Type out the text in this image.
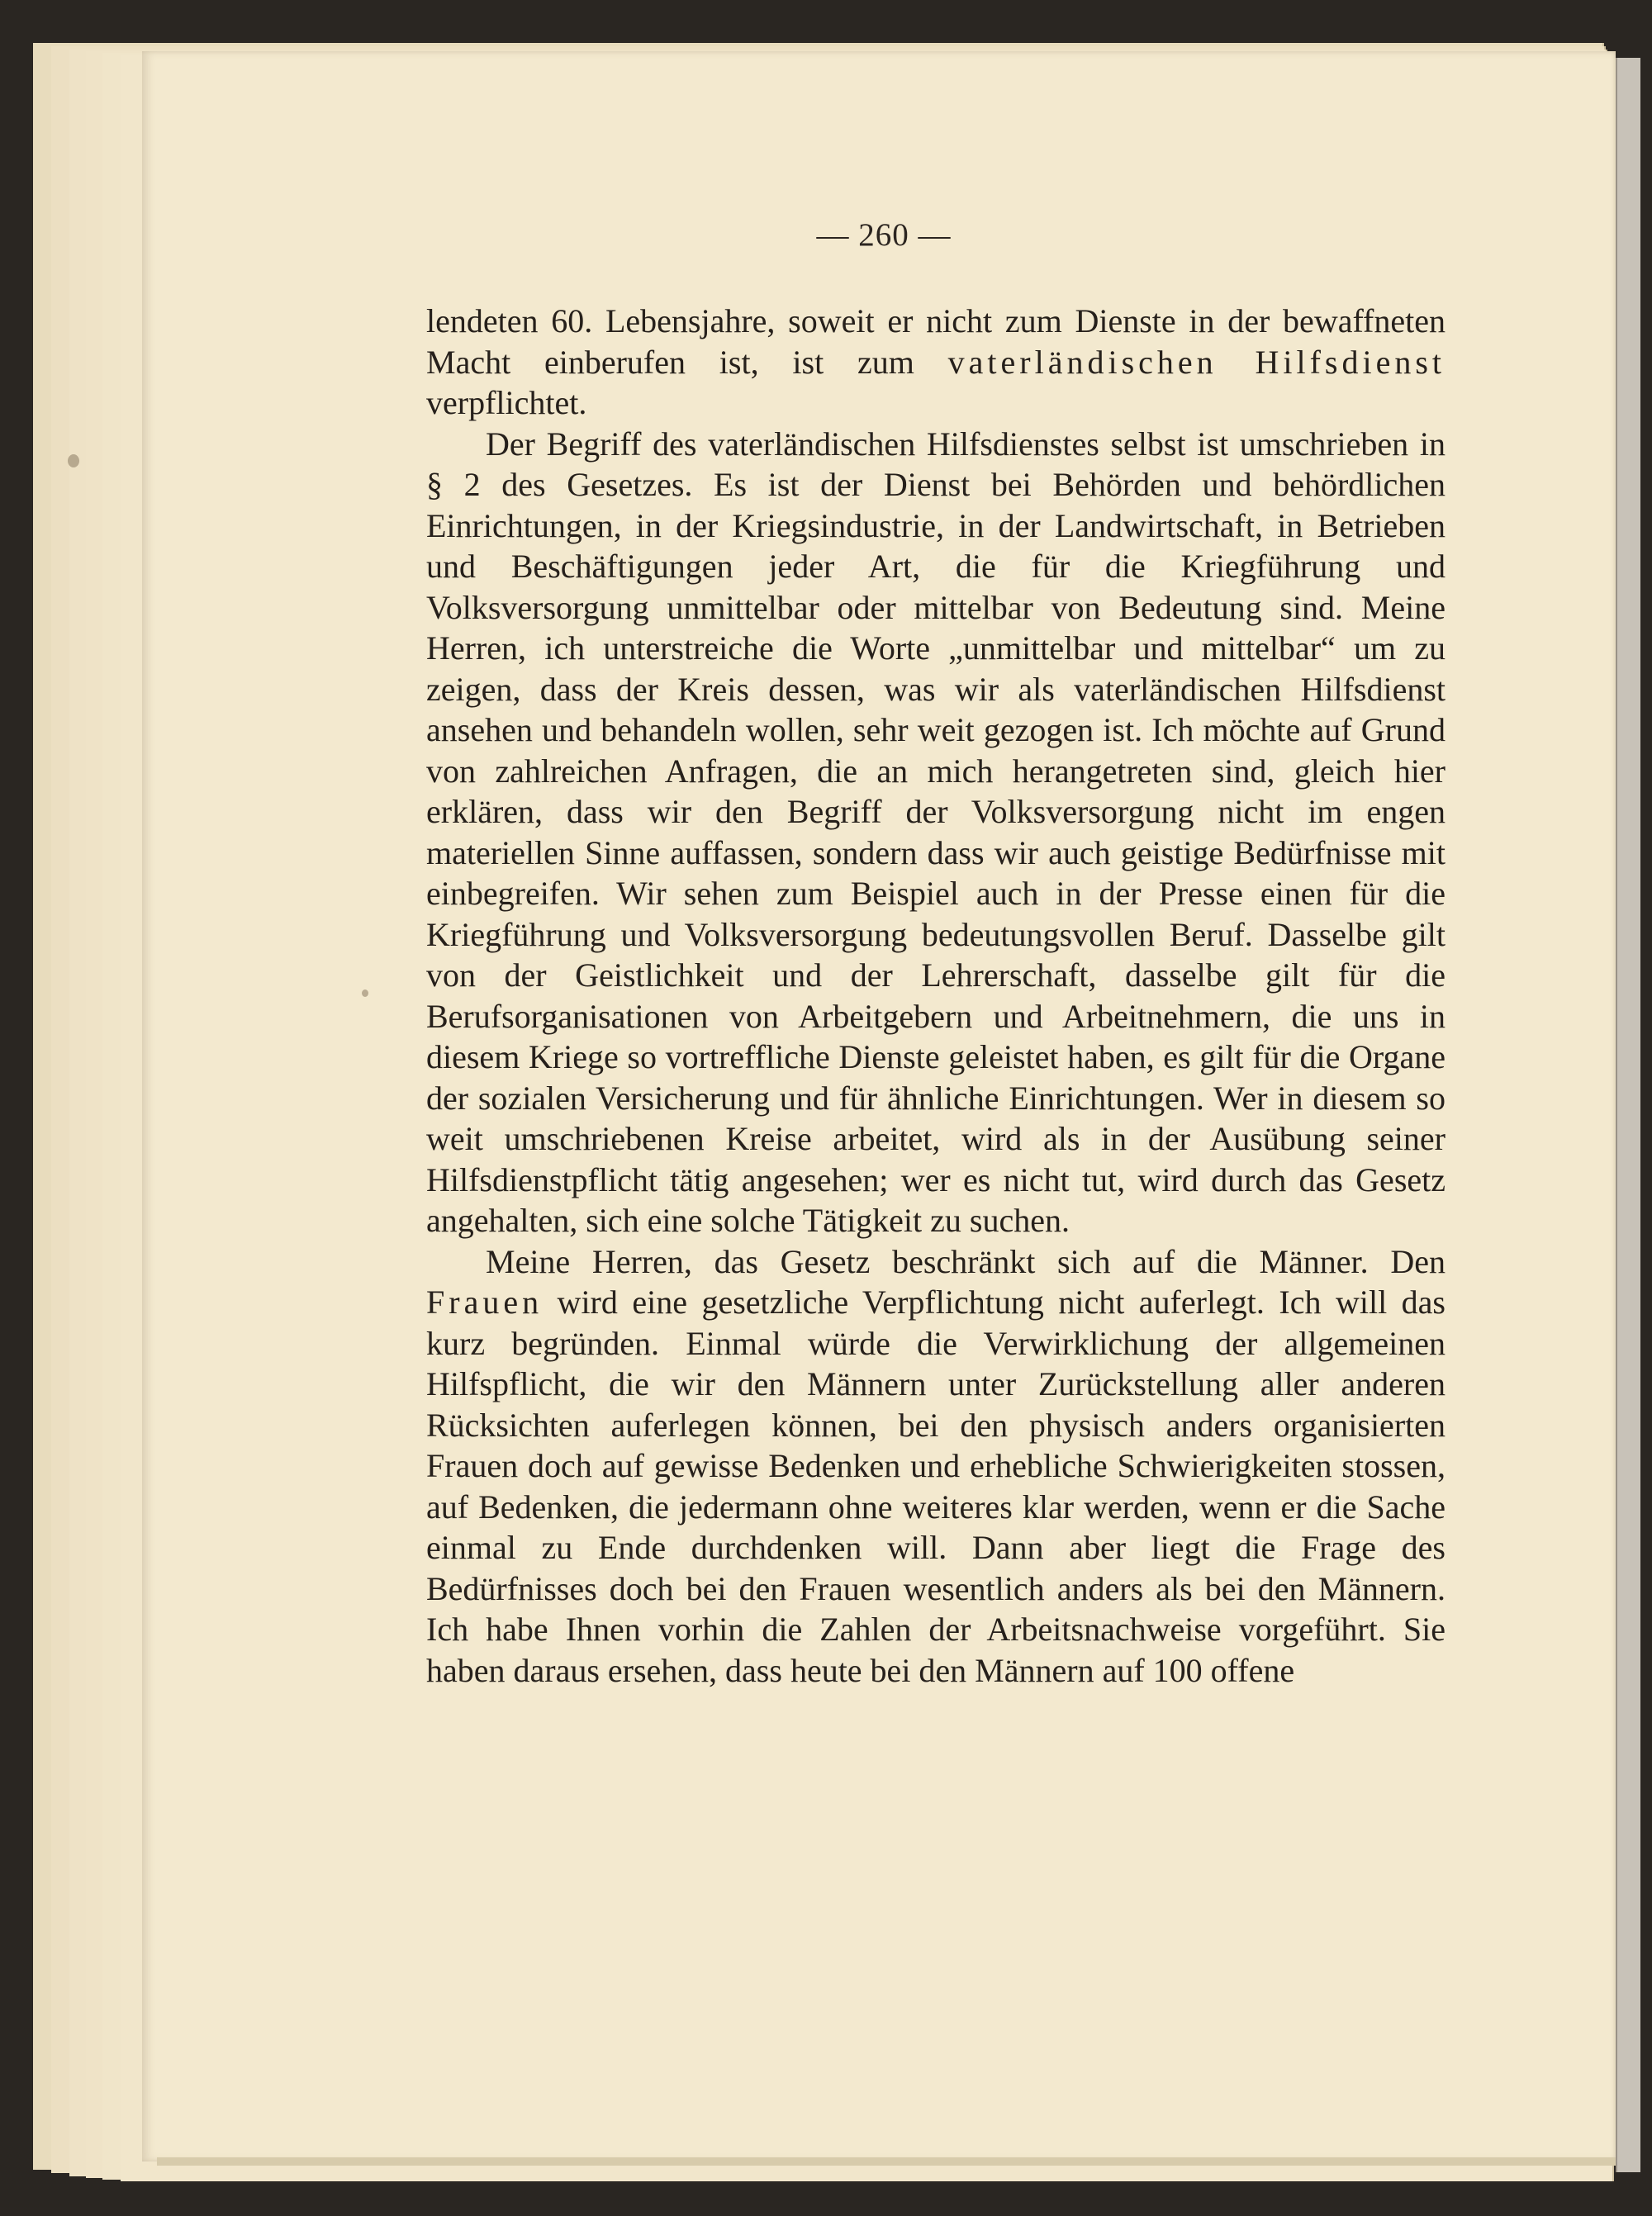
— 260 —

lendeten 60. Lebensjahre, soweit er nicht zum Dienste in der bewaffneten Macht einberufen ist, ist zum vaterländischen Hilfsdienst verpflichtet.

Der Begriff des vaterländischen Hilfsdienstes selbst ist umschrieben in § 2 des Gesetzes. Es ist der Dienst bei Behörden und behördlichen Einrichtungen, in der Kriegsindustrie, in der Landwirtschaft, in Betrieben und Beschäftigungen jeder Art, die für die Kriegführung und Volksversorgung unmittelbar oder mittelbar von Bedeutung sind. Meine Herren, ich unterstreiche die Worte „unmittelbar und mittelbar“ um zu zeigen, dass der Kreis dessen, was wir als vaterländischen Hilfsdienst ansehen und behandeln wollen, sehr weit gezogen ist. Ich möchte auf Grund von zahlreichen Anfragen, die an mich herangetreten sind, gleich hier erklären, dass wir den Begriff der Volksversorgung nicht im engen materiellen Sinne auffassen, sondern dass wir auch geistige Bedürfnisse mit einbegreifen. Wir sehen zum Beispiel auch in der Presse einen für die Kriegführung und Volksversorgung bedeutungsvollen Beruf. Dasselbe gilt von der Geistlichkeit und der Lehrerschaft, dasselbe gilt für die Berufsorganisationen von Arbeitgebern und Arbeitnehmern, die uns in diesem Kriege so vortreffliche Dienste geleistet haben, es gilt für die Organe der sozialen Versicherung und für ähnliche Einrichtungen. Wer in diesem so weit umschriebenen Kreise arbeitet, wird als in der Ausübung seiner Hilfsdienstpflicht tätig angesehen; wer es nicht tut, wird durch das Gesetz angehalten, sich eine solche Tätigkeit zu suchen.

Meine Herren, das Gesetz beschränkt sich auf die Männer. Den Frauen wird eine gesetzliche Verpflichtung nicht auferlegt. Ich will das kurz begründen. Einmal würde die Verwirklichung der allgemeinen Hilfspflicht, die wir den Männern unter Zurückstellung aller anderen Rücksichten auferlegen können, bei den physisch anders organisierten Frauen doch auf gewisse Bedenken und erhebliche Schwierigkeiten stossen, auf Bedenken, die jedermann ohne weiteres klar werden, wenn er die Sache einmal zu Ende durchdenken will. Dann aber liegt die Frage des Bedürfnisses doch bei den Frauen wesentlich anders als bei den Männern. Ich habe Ihnen vorhin die Zahlen der Arbeitsnachweise vorgeführt. Sie haben daraus ersehen, dass heute bei den Männern auf 100 offene
